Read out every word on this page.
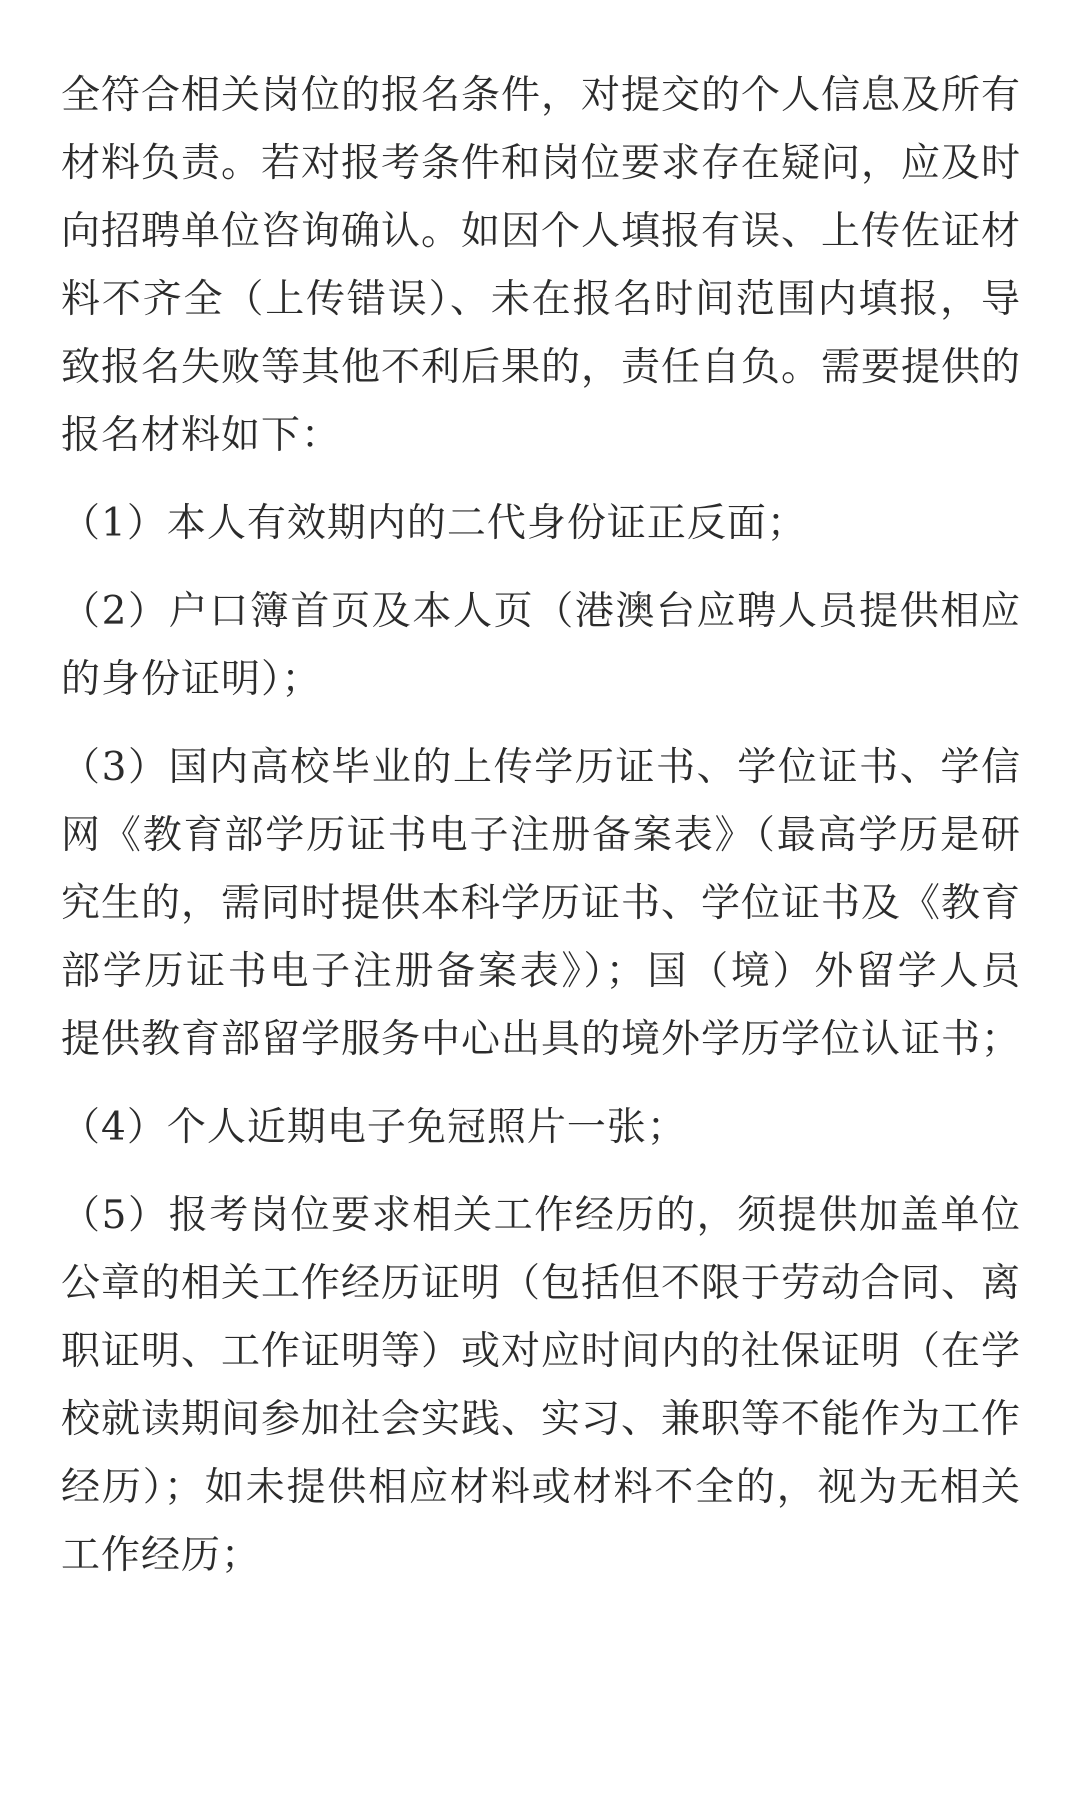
全符合相关岗位的报名条件，对提交的个人信息及所有材料负责。若对报考条件和岗位要求存在疑问，应及时向招聘单位咨询确认。如因个人填报有误、上传佐证材料不齐全（上传错误）、未在报名时间范围内填报，导致报名失败等其他不利后果的，责任自负。需要提供的报名材料如下：

（1）本人有效期内的二代身份证正反面；

（2）户口簿首页及本人页（港澳台应聘人员提供相应的身份证明）；

（3）国内高校毕业的上传学历证书、学位证书、学信网《教育部学历证书电子注册备案表》（最高学历是研究生的，需同时提供本科学历证书、学位证书及《教育部学历证书电子注册备案表》）；国（境）外留学人员提供教育部留学服务中心出具的境外学历学位认证书；

（4）个人近期电子免冠照片一张；

（5）报考岗位要求相关工作经历的，须提供加盖单位公章的相关工作经历证明（包括但不限于劳动合同、离职证明、工作证明等）或对应时间内的社保证明（在学校就读期间参加社会实践、实习、兼职等不能作为工作经历）；如未提供相应材料或材料不全的，视为无相关工作经历；
